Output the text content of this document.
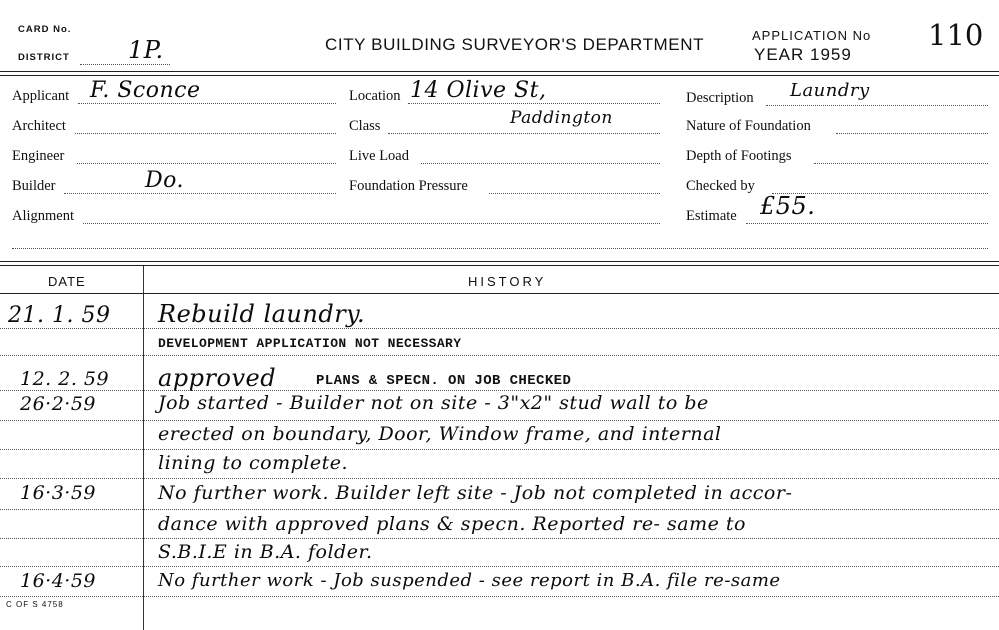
CARD No.
DISTRICT 1P.	CITY BUILDING SURVEYOR'S DEPARTMENT	APPLICATION No
YEAR 1959
110
Applicant F. Sconce
Architect
Engineer
Builder	Do.
Alignment
Location 14 Olive St,
Class	Paddington
Live Load
Foundation Pressure
Description Laundry
Nature of Foundation
Depth of Footings
Checked by
Estimate £55.
DATE	HISTORY
21. 1. 59 Rebuild laundry.
DEVELOPMENT APPLICATION NOT NECESSARY
12. 2. 59 approved	PLANS & SPECN. ON JOB CHECKED
26·2·59	Job started - Builder not on site - 3"x2" stud wall to be
erected on boundary, Door, Window frame, and internal
lining to complete.
16·3·59	No further work. Builder left site - Job not completed in accor-
dance with approved plans & specn. Reported re- same to
S.B.I.E in B.A. folder.
16·4·59	No further work - Job suspended - see report in B.A. file re-same
C OF S 4758
